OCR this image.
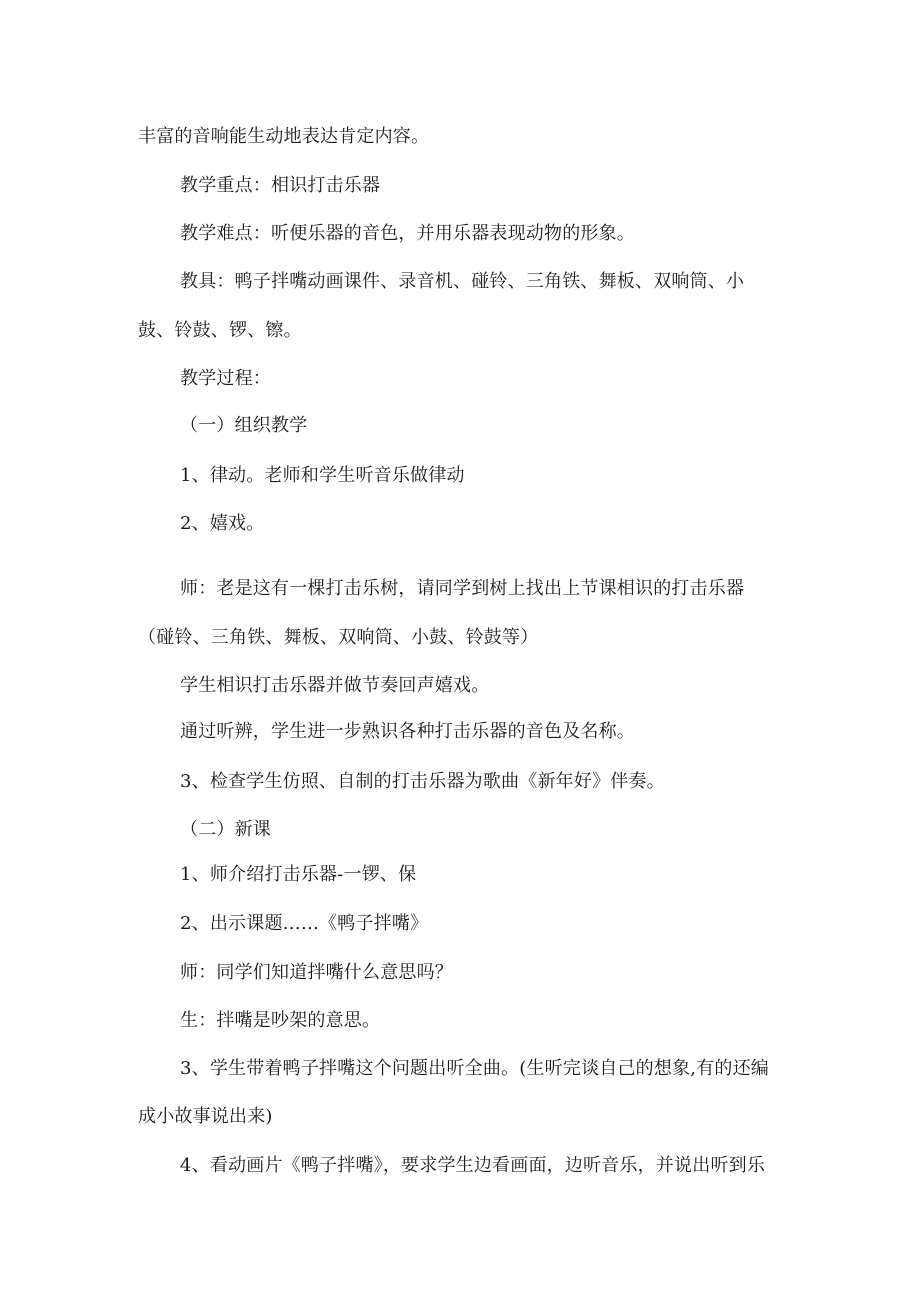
丰富的音响能生动地表达肯定内容。

教学重点：相识打击乐器

教学难点：听便乐器的音色，并用乐器表现动物的形象。

教具：鸭子拌嘴动画课件、录音机、碰铃、三角铁、舞板、双响筒、小

鼓、铃鼓、锣、镲。

教学过程：

（一）组织教学

1、律动。老师和学生听音乐做律动

2、嬉戏。

师：老是这有一棵打击乐树，请同学到树上找出上节课相识的打击乐器

（碰铃、三角铁、舞板、双响筒、小鼓、铃鼓等）

学生相识打击乐器并做节奏回声嬉戏。

通过听辨，学生进一步熟识各种打击乐器的音色及名称。

3、检查学生仿照、自制的打击乐器为歌曲《新年好》伴奏。

（二）新课

1、师介绍打击乐器-一锣、保

2、出示课题……《鸭子拌嘴》

师：同学们知道拌嘴什么意思吗？

生：拌嘴是吵架的意思。

3、学生带着鸭子拌嘴这个问题出听全曲。(生听完谈自己的想象,有的还编

成小故事说出来)

4、看动画片《鸭子拌嘴》，要求学生边看画面，边听音乐，并说出听到乐
